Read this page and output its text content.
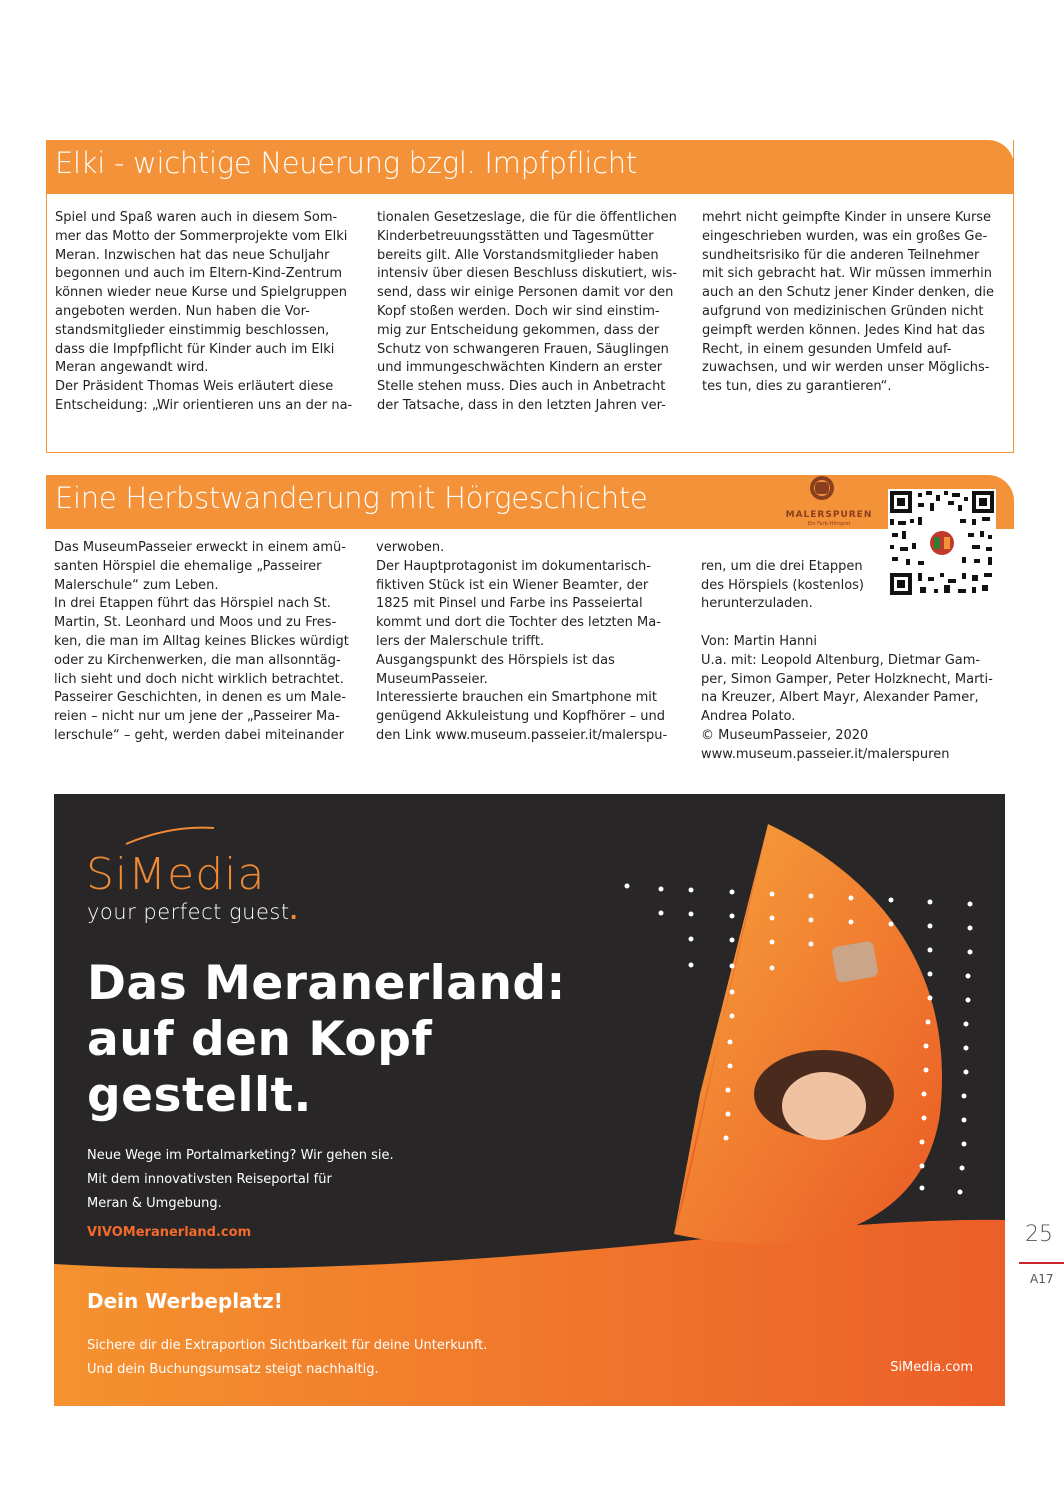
Elki - wichtige Neuerung bzgl. Impfpflicht
Spiel und Spaß waren auch in diesem Som-
mer das Motto der Sommerprojekte vom Elki
Meran. Inzwischen hat das neue Schuljahr
begonnen und auch im Eltern-Kind-Zentrum
können wieder neue Kurse und Spielgruppen
angeboten werden. Nun haben die Vor-
standsmitglieder einstimmig beschlossen,
dass die Impfpflicht für Kinder auch im Elki
Meran angewandt wird.
Der Präsident Thomas Weis erläutert diese
Entscheidung: „Wir orientieren uns an der na-
tionalen Gesetzeslage, die für die öffentlichen
Kinderbetreuungsstätten und Tagesmütter
bereits gilt. Alle Vorstandsmitglieder haben
intensiv über diesen Beschluss diskutiert, wis-
send, dass wir einige Personen damit vor den
Kopf stoßen werden. Doch wir sind einstim-
mig zur Entscheidung gekommen, dass der
Schutz von schwangeren Frauen, Säuglingen
und immungeschwächten Kindern an erster
Stelle stehen muss. Dies auch in Anbetracht
der Tatsache, dass in den letzten Jahren ver-
mehrt nicht geimpfte Kinder in unsere Kurse
eingeschrieben wurden, was ein großes Ge-
sundheitsrisiko für die anderen Teilnehmer
mit sich gebracht hat. Wir müssen immerhin
auch an den Schutz jener Kinder denken, die
aufgrund von medizinischen Gründen nicht
geimpft werden können. Jedes Kind hat das
Recht, in einem gesunden Umfeld auf-
zuwachsen, und wir werden unser Möglichs-
tes tun, dies zu garantieren“.
Eine Herbstwanderung mit Hörgeschichte	MALERSPUREN
Ein Farb-Hörspiel
Das MuseumPasseier erweckt in einem amü-
santen Hörspiel die ehemalige „Passeirer
Malerschule“ zum Leben.
In drei Etappen führt das Hörspiel nach St.
Martin, St. Leonhard und Moos und zu Fres-
ken, die man im Alltag keines Blickes würdigt
oder zu Kirchenwerken, die man allsonntäg-
lich sieht und doch nicht wirklich betrachtet.
Passeirer Geschichten, in denen es um Male-
reien – nicht nur um jene der „Passeirer Ma-
lerschule“ – geht, werden dabei miteinander
verwoben.
Der Hauptprotagonist im dokumentarisch-
fiktiven Stück ist ein Wiener Beamter, der
1825 mit Pinsel und Farbe ins Passeiertal
kommt und dort die Tochter des letzten Ma-
lers der Malerschule trifft.
Ausgangspunkt des Hörspiels ist das
MuseumPasseier.
Interessierte brauchen ein Smartphone mit
genügend Akkuleistung und Kopfhörer – und
den Link www.museum.passeier.it/malerspu-

ren, um die drei Etappen
des Hörspiels (kostenlos)
herunterzuladen.

Von: Martin Hanni
U.a. mit: Leopold Altenburg, Dietmar Gam-
per, Simon Gamper, Peter Holzknecht, Marti-
na Kreuzer, Albert Mayr, Alexander Pamer,
Andrea Polato.
© MuseumPasseier, 2020
www.museum.passeier.it/malerspuren

SiMedia
your perfect guest.
Das Meranerland:
auf den Kopf
gestellt.
Neue Wege im Portalmarketing? Wir gehen sie.
Mit dem innovativsten Reiseportal für
Meran & Umgebung.
VIVOMeranerland.com
Dein Werbeplatz!
Sichere dir die Extraportion Sichtbarkeit für deine Unterkunft.
Und dein Buchungsumsatz steigt nachhaltig.	SiMedia.com
25
A17
